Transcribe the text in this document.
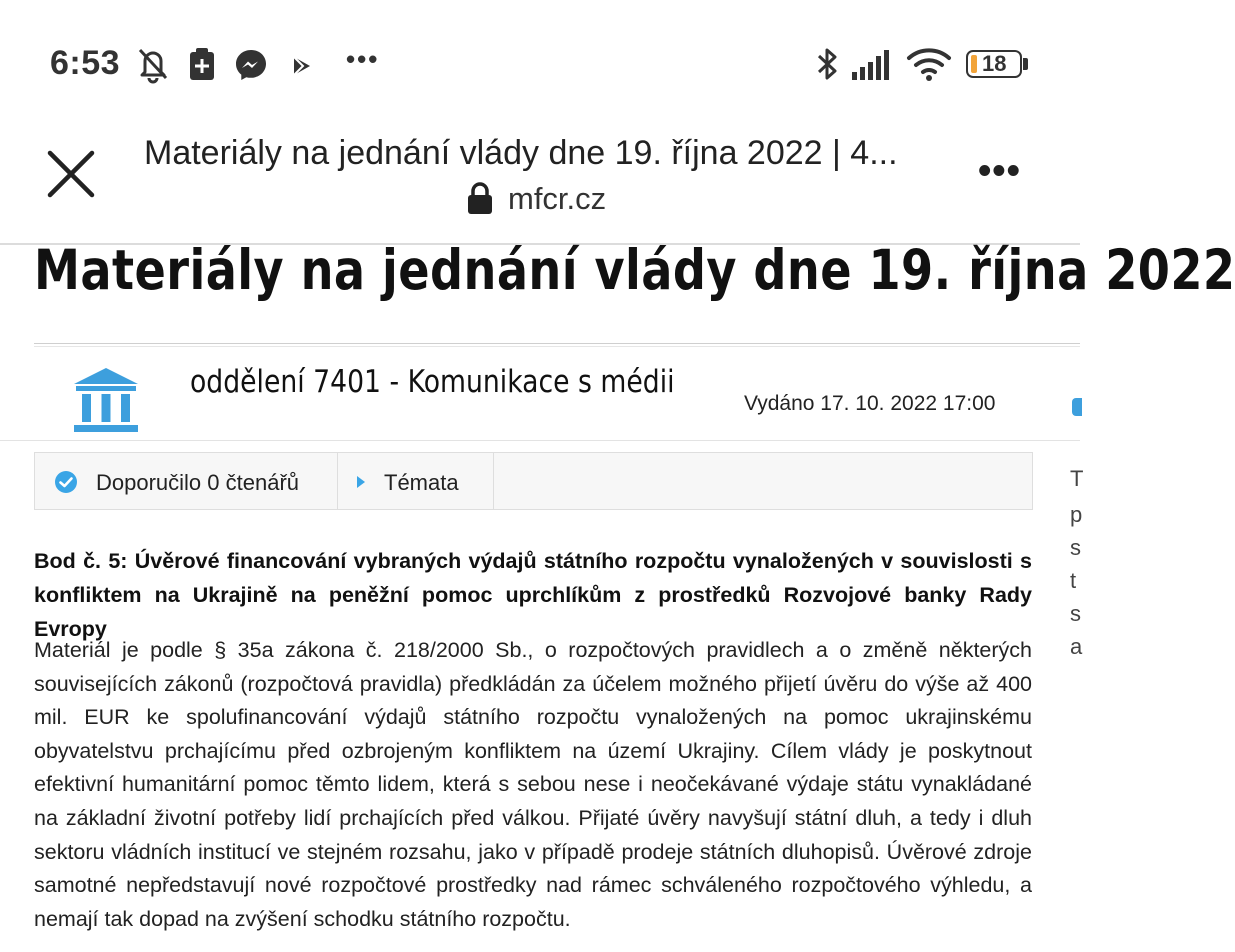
6:53	•••	18
Materiály na jednání vlády dne 19. října 2022 | 4...
mfcr.cz
•••
Materiály na jednání vlády dne 19. října 2022
oddělení 7401 - Komunikace s médii
Vydáno 17. 10. 2022 17:00
Doporučilo 0 čtenářů	Témata
Bod č. 5: Úvěrové financování vybraných výdajů státního rozpočtu vynaložených v souvislosti s konfliktem na Ukrajině na peněžní pomoc uprchlíkům z prostředků Rozvojové banky Rady Evropy
Materiál je podle § 35a zákona č. 218/2000 Sb., o rozpočtových pravidlech a o změně některých souvisejících zákonů (rozpočtová pravidla) předkládán za účelem možného přijetí úvěru do výše až 400 mil. EUR ke spolufinancování výdajů státního rozpočtu vynaložených na pomoc ukrajinskému obyvatelstvu prchajícímu před ozbrojeným konfliktem na území Ukrajiny. Cílem vlády je poskytnout efektivní humanitární pomoc těmto lidem, která s sebou nese i neočekávané výdaje státu vynakládané na základní životní potřeby lidí prchajících před válkou. Přijaté úvěry navyšují státní dluh, a tedy i dluh sektoru vládních institucí ve stejném rozsahu, jako v případě prodeje státních dluhopisů. Úvěrové zdroje samotné nepředstavují nové rozpočtové prostředky nad rámec schváleného rozpočtového výhledu, a nemají tak dopad na zvýšení schodku státního rozpočtu.
T
p
s
t
s
a
